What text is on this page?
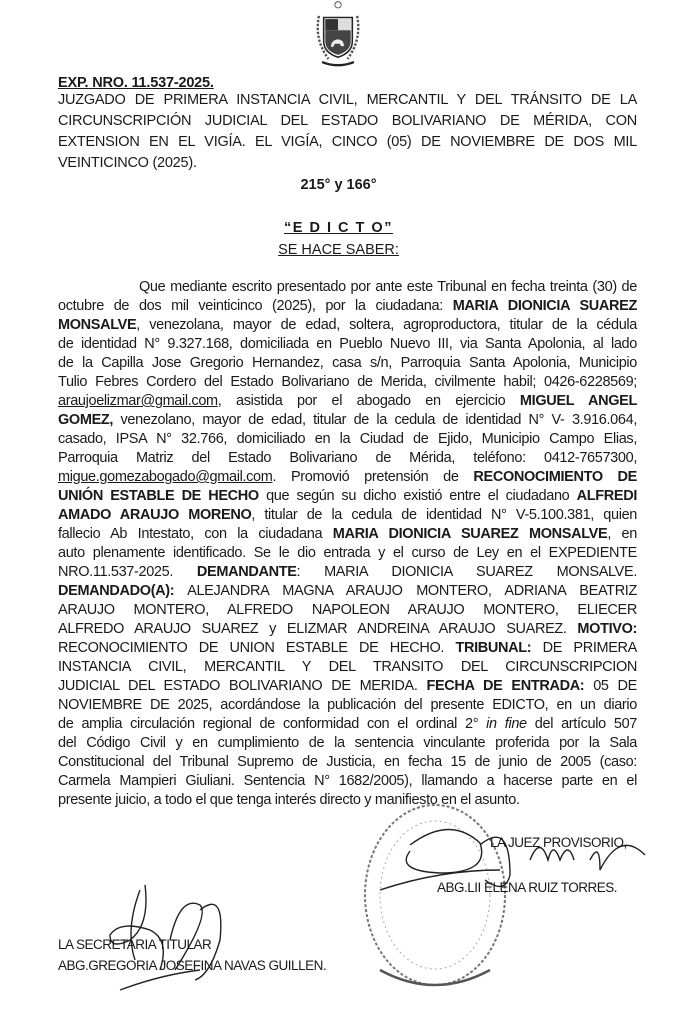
EXP. NRO. 11.537-2025.
JUZGADO DE PRIMERA INSTANCIA CIVIL, MERCANTIL Y DEL TRÁNSITO DE LA
CIRCUNSCRIPCIÓN JUDICIAL DEL ESTADO BOLIVARIANO DE MÉRIDA, CON
EXTENSION EN EL VIGÍA. EL VIGÍA, CINCO (05) DE NOVIEMBRE DE DOS MIL
VEINTICINCO (2025).
215° y 166°
“E D I C T O”
SE HACE SABER:
Que mediante escrito presentado por ante este Tribunal en fecha treinta (30) de
octubre de dos mil veinticinco (2025), por la ciudadana: MARIA DIONICIA SUAREZ
MONSALVE, venezolana, mayor de edad, soltera, agroproductora, titular de la cédula
de identidad N° 9.327.168, domiciliada en Pueblo Nuevo III, via Santa Apolonia, al lado
de la Capilla Jose Gregorio Hernandez, casa s/n, Parroquia Santa Apolonia, Municipio
Tulio Febres Cordero del Estado Bolivariano de Merida, civilmente habil; 0426-6228569;
araujoelizmar@gmail.com, asistida por el abogado en ejercicio MIGUEL ANGEL
GOMEZ, venezolano, mayor de edad, titular de la cedula de identidad N° V- 3.916.064,
casado, IPSA N° 32.766, domiciliado en la Ciudad de Ejido, Municipio Campo Elias,
Parroquia Matriz del Estado Bolivariano de Mérida, teléfono: 0412-7657300,
migue.gomezabogado@gmail.com. Promovió pretensión de RECONOCIMIENTO DE
UNIÓN ESTABLE DE HECHO que según su dicho existió entre el ciudadano ALFREDI
AMADO ARAUJO MORENO, titular de la cedula de identidad N° V-5.100.381, quien
fallecio Ab Intestato, con la ciudadana MARIA DIONICIA SUAREZ MONSALVE, en
auto plenamente identificado. Se le dio entrada y el curso de Ley en el EXPEDIENTE
NRO.11.537-2025. DEMANDANTE: MARIA DIONICIA SUAREZ MONSALVE.
DEMANDADO(A): ALEJANDRA MAGNA ARAUJO MONTERO, ADRIANA BEATRIZ
ARAUJO MONTERO, ALFREDO NAPOLEON ARAUJO MONTERO, ELIECER
ALFREDO ARAUJO SUAREZ y ELIZMAR ANDREINA ARAUJO SUAREZ. MOTIVO:
RECONOCIMIENTO DE UNION ESTABLE DE HECHO. TRIBUNAL: DE PRIMERA
INSTANCIA CIVIL, MERCANTIL Y DEL TRANSITO DEL CIRCUNSCRIPCION
JUDICIAL DEL ESTADO BOLIVARIANO DE MERIDA. FECHA DE ENTRADA: 05 DE
NOVIEMBRE DE 2025, acordándose la publicación del presente EDICTO, en un diario
de amplia circulación regional de conformidad con el ordinal 2° in fine del artículo 507
del Código Civil y en cumplimiento de la sentencia vinculante proferida por la Sala
Constitucional del Tribunal Supremo de Justicia, en fecha 15 de junio de 2005 (caso:
Carmela Mampieri Giuliani. Sentencia N° 1682/2005), llamando a hacerse parte en el
presente juicio, a todo el que tenga interés directo y manifiesto en el asunto.
LA JUEZ PROVISORIO,
ABG.LII ELENA RUIZ TORRES.
LA SECRETARIA TITULAR
ABG.GREGORIA JOSEFINA NAVAS GUILLEN.
